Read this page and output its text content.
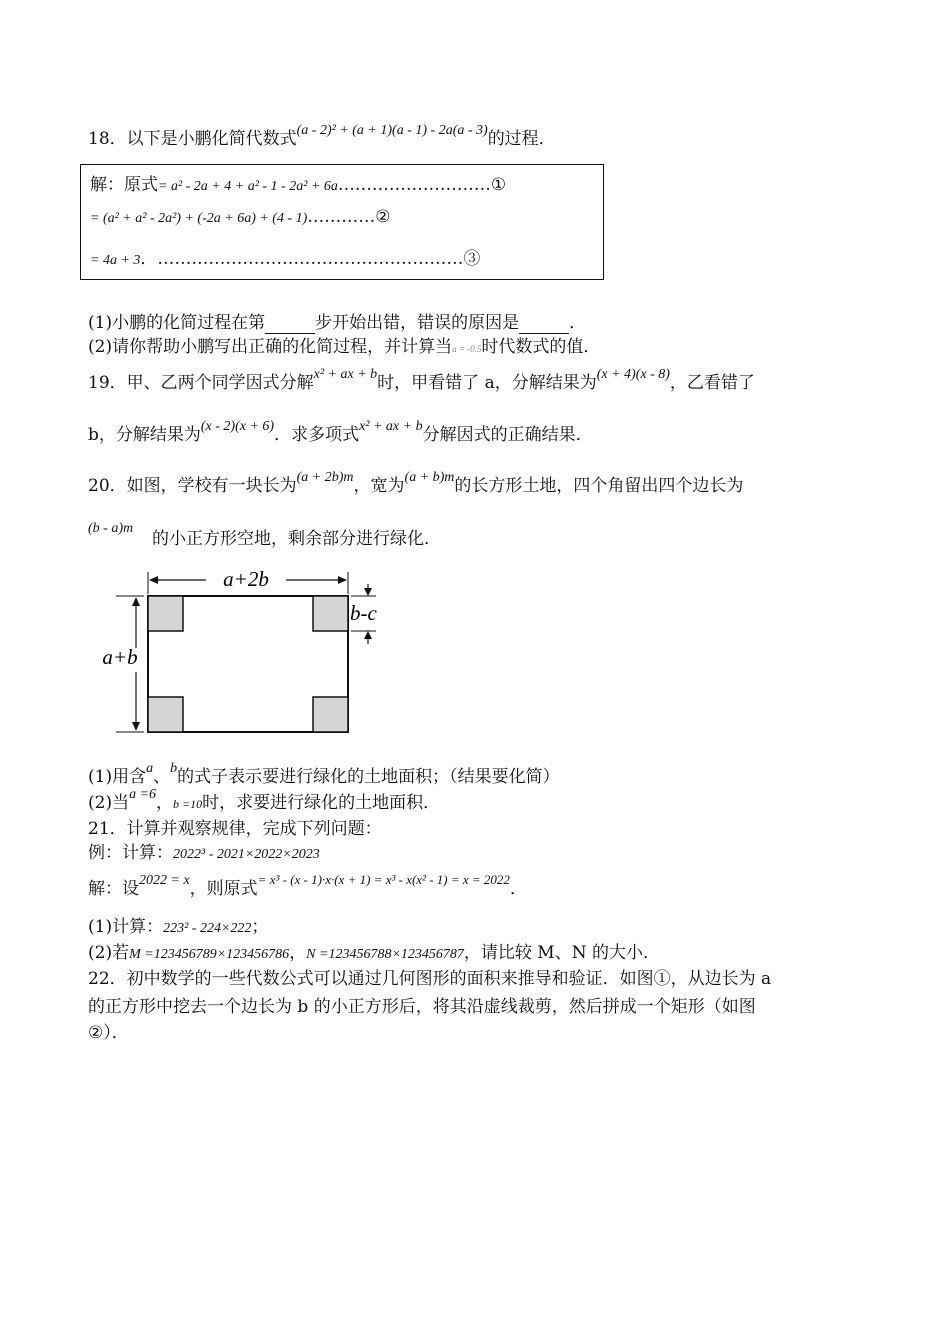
18．以下是小鹏化简代数式$^{(a - 2)^2 + (a + 1)(a - 1) - 2a(a - 3)}$的过程．
解：原式= a² - 2a + 4 + a² - 1 - 2a² + 6a………………………①
= (a² + a² - 2a²) + (-2a + 6a) + (4 - 1)…………②
= 4a + 3．………………………………………………③
(1)小鹏的化简过程在第	步开始出错，错误的原因是	．
(2)请你帮助小鹏写出正确的化简过程，并计算当a = -0.5时代数式的值．
19．甲、乙两个同学因式分解$^{x^2 + ax + b}$时，甲看错了 a，分解结果为$^{(x + 4)(x - 8)}$，乙看错了
b，分解结果为$^{(x - 2)(x + 6)}$．求多项式$^{x^2 + ax + b}$分解因式的正确结果．
20．如图，学校有一块长为$^{(a + 2b)m}$，宽为$^{(a + b)m}$的长方形土地，四个角留出四个边长为
(b - a)m
的小正方形空地，剩余部分进行绿化．
a+2b
a+b
b-c
(1)用含$^a$、$^b$的式子表示要进行绿化的土地面积；（结果要化简）
(2)当$^{a =6}$，b =10时，求要进行绿化的土地面积．
21．计算并观察规律，完成下列问题：
例：计算：2022³ - 2021×2022×2023
解：设$^{2022 = x}$，则原式$^{= x^3 - (x - 1)\cdot x\cdot(x + 1) = x^3 - x(x^2 - 1) = x = 2022}$．
(1)计算：223² - 224×222；
(2)若M =123456789×123456786，N =123456788×123456787，请比较 M、N 的大小．
22．初中数学的一些代数公式可以通过几何图形的面积来推导和验证．如图①，从边长为 a
的正方形中挖去一个边长为 b 的小正方形后，将其沿虚线裁剪，然后拼成一个矩形（如图
②）．
